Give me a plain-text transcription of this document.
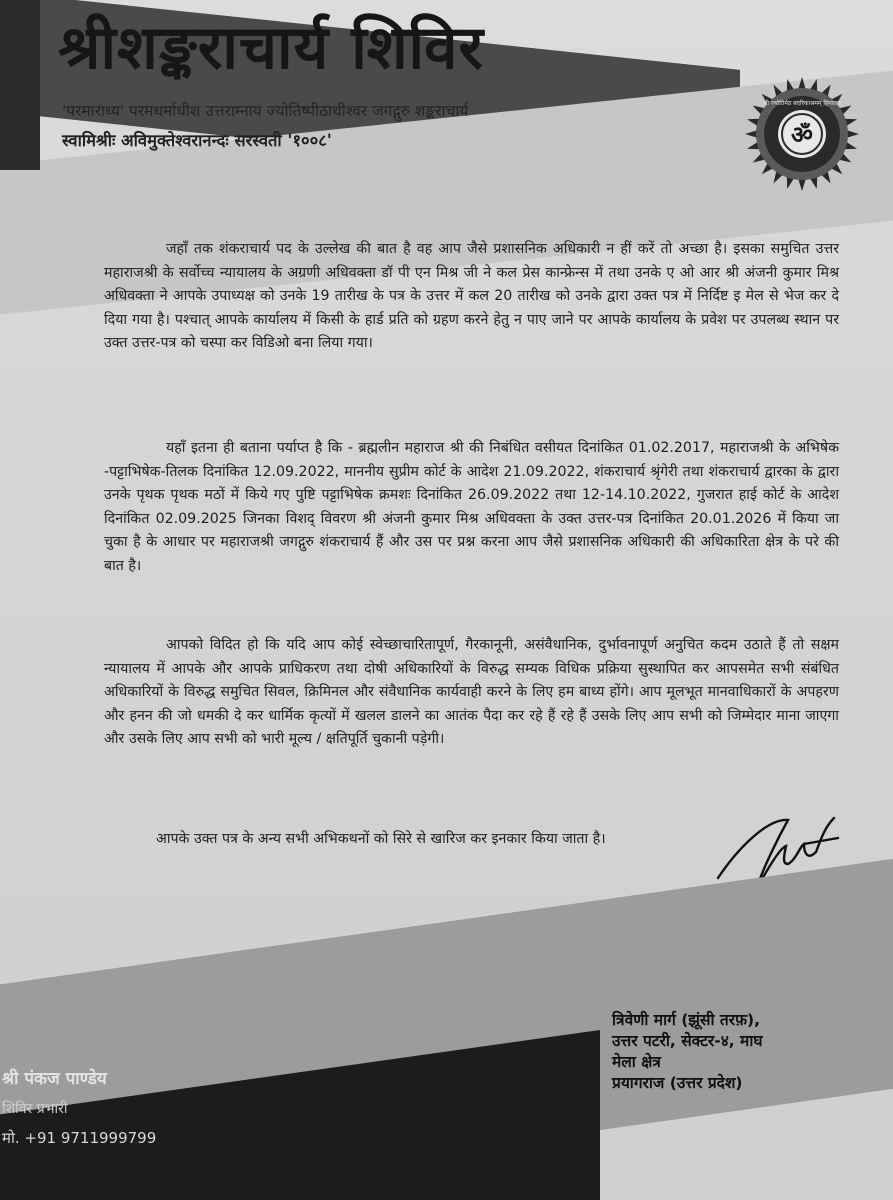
श्रीशङ्कराचार्य शिविर
'परमाराध्य' परमधर्माधीश उत्तराम्नाय ज्योतिष्पीठाधीश्वर जगद्गुरु शङ्कराचार्य
स्वामिश्रीः अविमुक्तेश्वरानन्दः सरस्वती '१००८'	ॐ
श्री ज्योतिर्मठ बदरिकाश्रमम् हिमालय

जहाँ तक शंकराचार्य पद के उल्लेख की बात है वह आप जैसे प्रशासनिक अधिकारी न हीं करें तो अच्छा है। इसका समुचित उत्तर महाराजश्री के सर्वोच्च न्यायालय के अग्रणी अधिवक्ता डॉ पी एन मिश्र जी ने कल प्रेस कान्फ्रेन्स में तथा उनके ए ओ आर श्री अंजनी कुमार मिश्र अधिवक्ता ने आपके उपाध्यक्ष को उनके 19 तारीख के पत्र के उत्तर में कल 20 तारीख को उनके द्वारा उक्त पत्र में निर्दिष्ट इ मेल से भेज कर दे दिया गया है। पश्चात् आपके कार्यालय में किसी के हार्ड प्रति को ग्रहण करने हेतु न पाए जाने पर आपके कार्यालय के प्रवेश पर उपलब्ध स्थान पर उक्त उत्तर-पत्र को चस्पा कर विडिओ बना लिया गया।

यहाँ इतना ही बताना पर्याप्त है कि - ब्रह्मलीन महाराज श्री की निबंधित वसीयत दिनांकित 01.02.2017, महाराजश्री के अभिषेक -पट्टाभिषेक-तिलक दिनांकित 12.09.2022, माननीय सुप्रीम कोर्ट के आदेश 21.09.2022, शंकराचार्य श्रृंगेरी तथा शंकराचार्य द्वारका के द्वारा उनके पृथक पृथक मठों में किये गए पुष्टि पट्टाभिषेक क्रमशः दिनांकित 26.09.2022 तथा 12-14.10.2022, गुजरात हाई कोर्ट के आदेश दिनांकित 02.09.2025 जिनका विशद् विवरण श्री अंजनी कुमार मिश्र अधिवक्ता के उक्त उत्तर-पत्र दिनांकित 20.01.2026 में किया जा चुका है के आधार पर महाराजश्री जगद्गुरु शंकराचार्य हैं और उस पर प्रश्न करना आप जैसे प्रशासनिक अधिकारी की अधिकारिता क्षेत्र के परे की बात है।

आपको विदित हो कि यदि आप कोई स्वेच्छाचारितापूर्ण, गैरकानूनी, असंवैधानिक, दुर्भावनापूर्ण अनुचित कदम उठाते हैं तो सक्षम न्यायालय में आपके और आपके प्राधिकरण तथा दोषी अधिकारियों के विरुद्ध सम्यक विधिक प्रक्रिया सुस्थापित कर आपसमेत सभी संबंधित अधिकारियों के विरुद्ध समुचित सिवल, क्रिमिनल और संवैधानिक कार्यवाही करने के लिए हम बाध्य होंगे। आप मूलभूत मानवाधिकारों के अपहरण और हनन की जो धमकी दे कर धार्मिक कृत्यों में खलल डालने का आतंक पैदा कर रहे हैं रहे हैं उसके लिए आप सभी को जिम्मेदार माना जाएगा और उसके लिए आप सभी को भारी मूल्य / क्षतिपूर्ति चुकानी पड़ेगी।

आपके उक्त पत्र के अन्य सभी अभिकथनों को सिरे से खारिज कर इनकार किया जाता है।

त्रिवेणी मार्ग (झूंसी तरफ़),
उत्तर पटरी, सेक्टर-४, माघ
मेला क्षेत्र
प्रयागराज (उत्तर प्रदेश)
श्री पंकज पाण्डेय
शिविर प्रभारी
मो. +91 9711999799
